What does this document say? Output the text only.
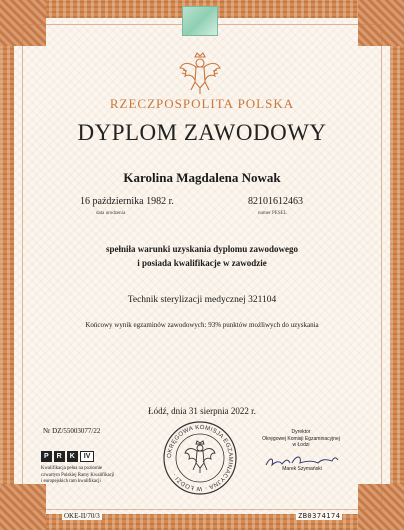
RZECZPOSPOLITA POLSKA
DYPLOM ZAWODOWY
Karolina Magdalena Nowak
16 października 1982 r.
data urodzenia
82101612463
numer PESEL
spełniła warunki uzyskania dyplomu zawodowego
i posiada kwalifikacje w zawodzie
Technik sterylizacji medycznej 321104
Końcowy wynik egzaminów zawodowych: 93% punktów możliwych do uzyskania
Łódź, dnia 31 sierpnia 2022 r.
Nr DZ/55003077/22
P	R	K	IV
Kwalifikacja pełna na poziomie
czwartym Polskiej Ramy Kwalifikacji
i europejskich ram kwalifikacji
OKRĘGOWA KOMISJA EGZAMINACYJNA · W ŁODZI ·
Dyrektor
Okręgowej Komisji Egzaminacyjnej
w Łodzi
Marek Szymański
OKE-II/70/3	ZB0374174
